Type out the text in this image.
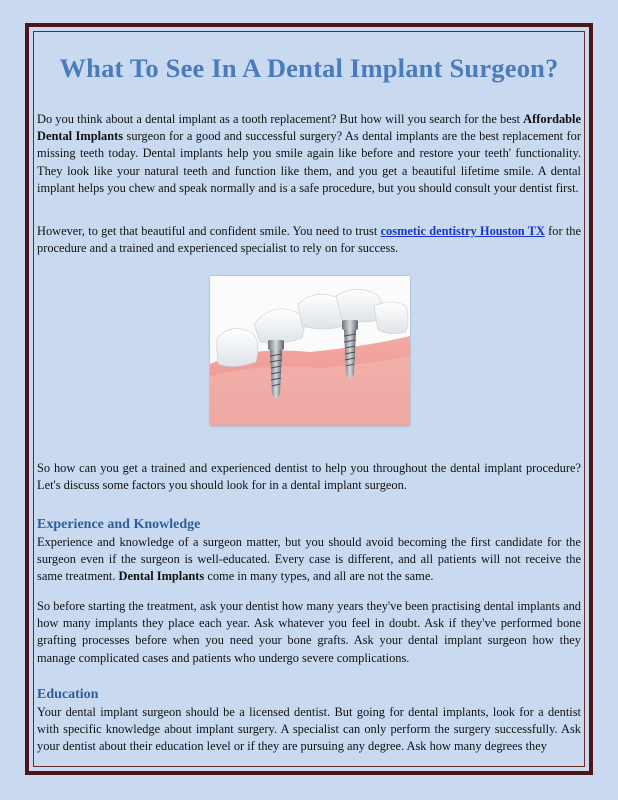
What To See In A Dental Implant Surgeon?

Do you think about a dental implant as a tooth replacement? But how will you search for the best Affordable Dental Implants surgeon for a good and successful surgery? As dental implants are the best replacement for missing teeth today. Dental implants help you smile again like before and restore your teeth' functionality. They look like your natural teeth and function like them, and you get a beautiful lifetime smile. A dental implant helps you chew and speak normally and is a safe procedure, but you should consult your dentist first.

However, to get that beautiful and confident smile. You need to trust cosmetic dentistry Houston TX for the procedure and a trained and experienced specialist to rely on for success.

So how can you get a trained and experienced dentist to help you throughout the dental implant procedure? Let's discuss some factors you should look for in a dental implant surgeon.

Experience and Knowledge

Experience and knowledge of a surgeon matter, but you should avoid becoming the first candidate for the surgeon even if the surgeon is well-educated. Every case is different, and all patients will not receive the same treatment. Dental Implants come in many types, and all are not the same.

So before starting the treatment, ask your dentist how many years they've been practising dental implants and how many implants they place each year. Ask whatever you feel in doubt. Ask if they've performed bone grafting processes before when you need your bone grafts. Ask your dental implant surgeon how they manage complicated cases and patients who undergo severe complications.

Education

Your dental implant surgeon should be a licensed dentist. But going for dental implants, look for a dentist with specific knowledge about implant surgery. A specialist can only perform the surgery successfully. Ask your dentist about their education level or if they are pursuing any degree. Ask how many degrees they
